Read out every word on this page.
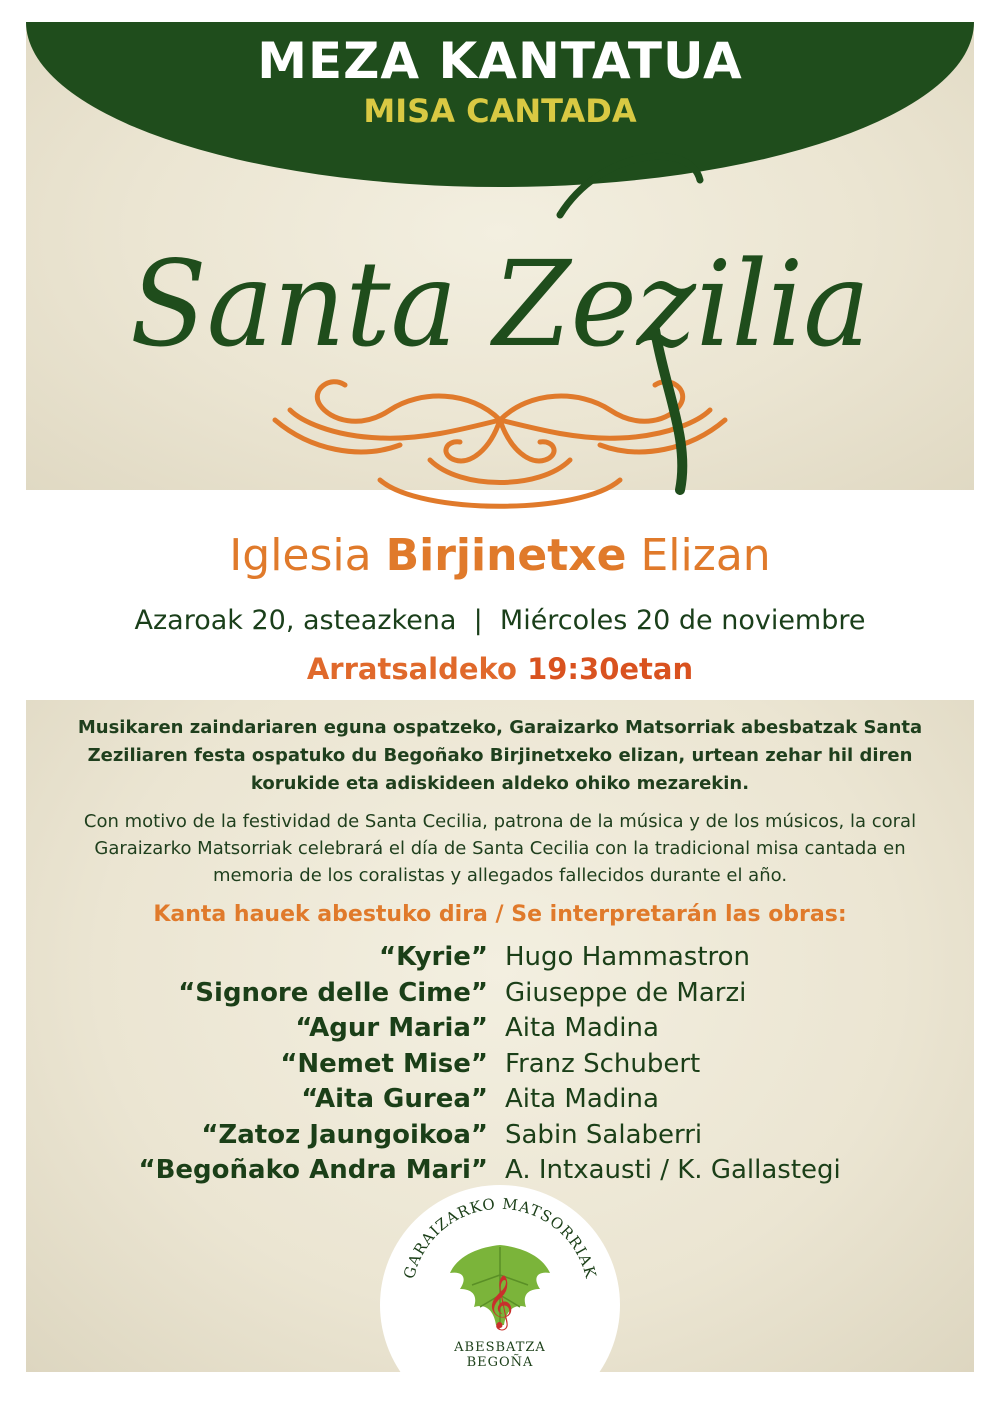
MEZA KANTATUA
MISA CANTADA
Santa Zezilia
Iglesia Birjinetxe Elizan
Azaroak 20, asteazkena  |  Miércoles 20 de noviembre
Arratsaldeko 19:30etan
Musikaren zaindariaren eguna ospatzeko, Garaizarko Matsorriak abesbatzak Santa Zeziliaren festa ospatuko du Begoñako Birjinetxeko elizan, urtean zehar hil diren korukide eta adiskideen aldeko ohiko mezarekin.
Con motivo de la festividad de Santa Cecilia, patrona de la música y de los músicos, la coral Garaizarko Matsorriak celebrará el día de Santa Cecilia con la tradicional misa cantada en memoria de los coralistas y allegados fallecidos durante el año.
Kanta hauek abestuko dira / Se interpretarán las obras:
“Kyrie” Hugo Hammastron
“Signore delle Cime” Giuseppe de Marzi
“Agur Maria” Aita Madina
“Nemet Mise” Franz Schubert
“Aita Gurea” Aita Madina
“Zatoz Jaungoikoa” Sabin Salaberri
“Begoñako Andra Mari” A. Intxausti / K. Gallastegi
GARAIZARKO MATSORRIAK
𝄞
ABESBATZA
BEGOÑA
